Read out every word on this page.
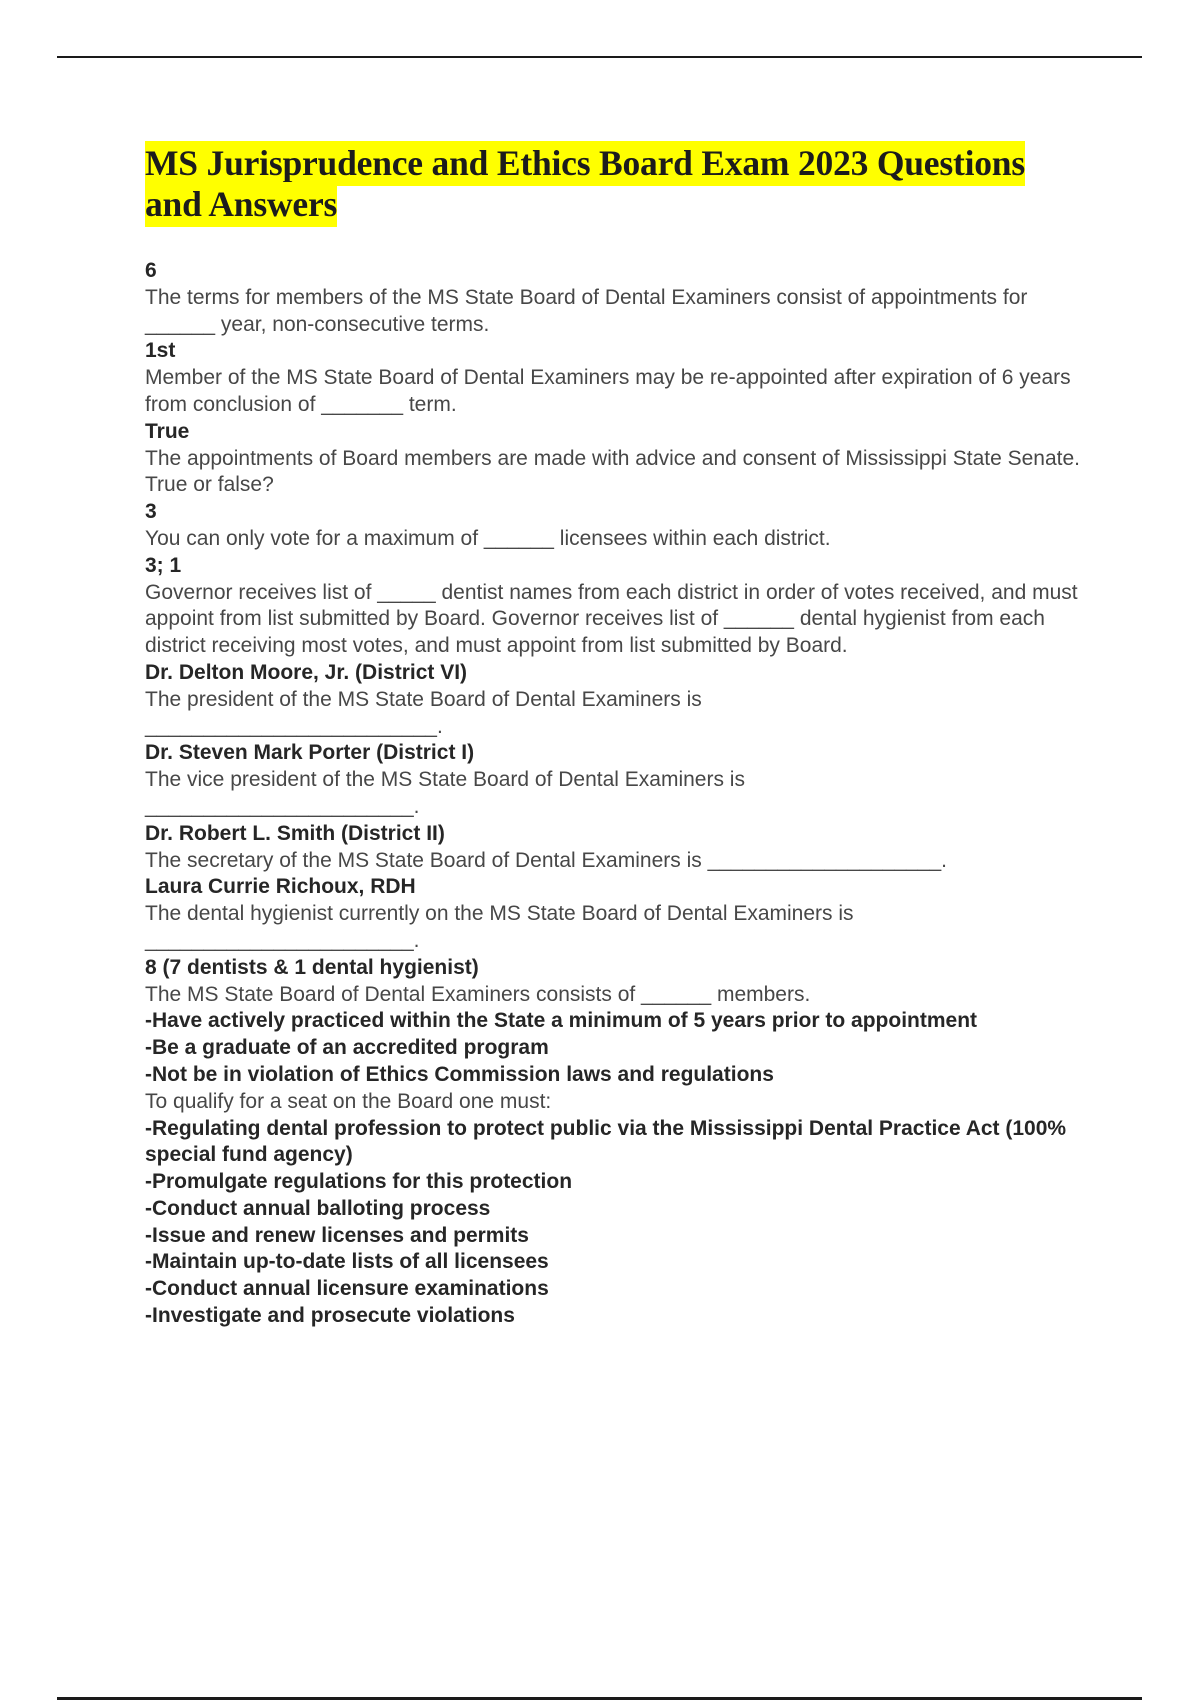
MS Jurisprudence and Ethics Board Exam 2023 Questions and Answers

6

The terms for members of the MS State Board of Dental Examiners consist of appointments for ______ year, non-consecutive terms.

1st

Member of the MS State Board of Dental Examiners may be re-appointed after expiration of 6 years from conclusion of _______ term.

True

The appointments of Board members are made with advice and consent of Mississippi State Senate. True or false?

3

You can only vote for a maximum of ______ licensees within each district.

3; 1

Governor receives list of _____ dentist names from each district in order of votes received, and must appoint from list submitted by Board. Governor receives list of ______ dental hygienist from each district receiving most votes, and must appoint from list submitted by Board.

Dr. Delton Moore, Jr. (District VI)

The president of the MS State Board of Dental Examiners is

_________________________.

Dr. Steven Mark Porter (District I)

The vice president of the MS State Board of Dental Examiners is

_______________________.

Dr. Robert L. Smith (District II)

The secretary of the MS State Board of Dental Examiners is ____________________.

Laura Currie Richoux, RDH

The dental hygienist currently on the MS State Board of Dental Examiners is

_______________________.

8 (7 dentists & 1 dental hygienist)

The MS State Board of Dental Examiners consists of ______ members.

-Have actively practiced within the State a minimum of 5 years prior to appointment

-Be a graduate of an accredited program

-Not be in violation of Ethics Commission laws and regulations

To qualify for a seat on the Board one must:

-Regulating dental profession to protect public via the Mississippi Dental Practice Act (100% special fund agency)

-Promulgate regulations for this protection

-Conduct annual balloting process

-Issue and renew licenses and permits

-Maintain up-to-date lists of all licensees

-Conduct annual licensure examinations

-Investigate and prosecute violations
